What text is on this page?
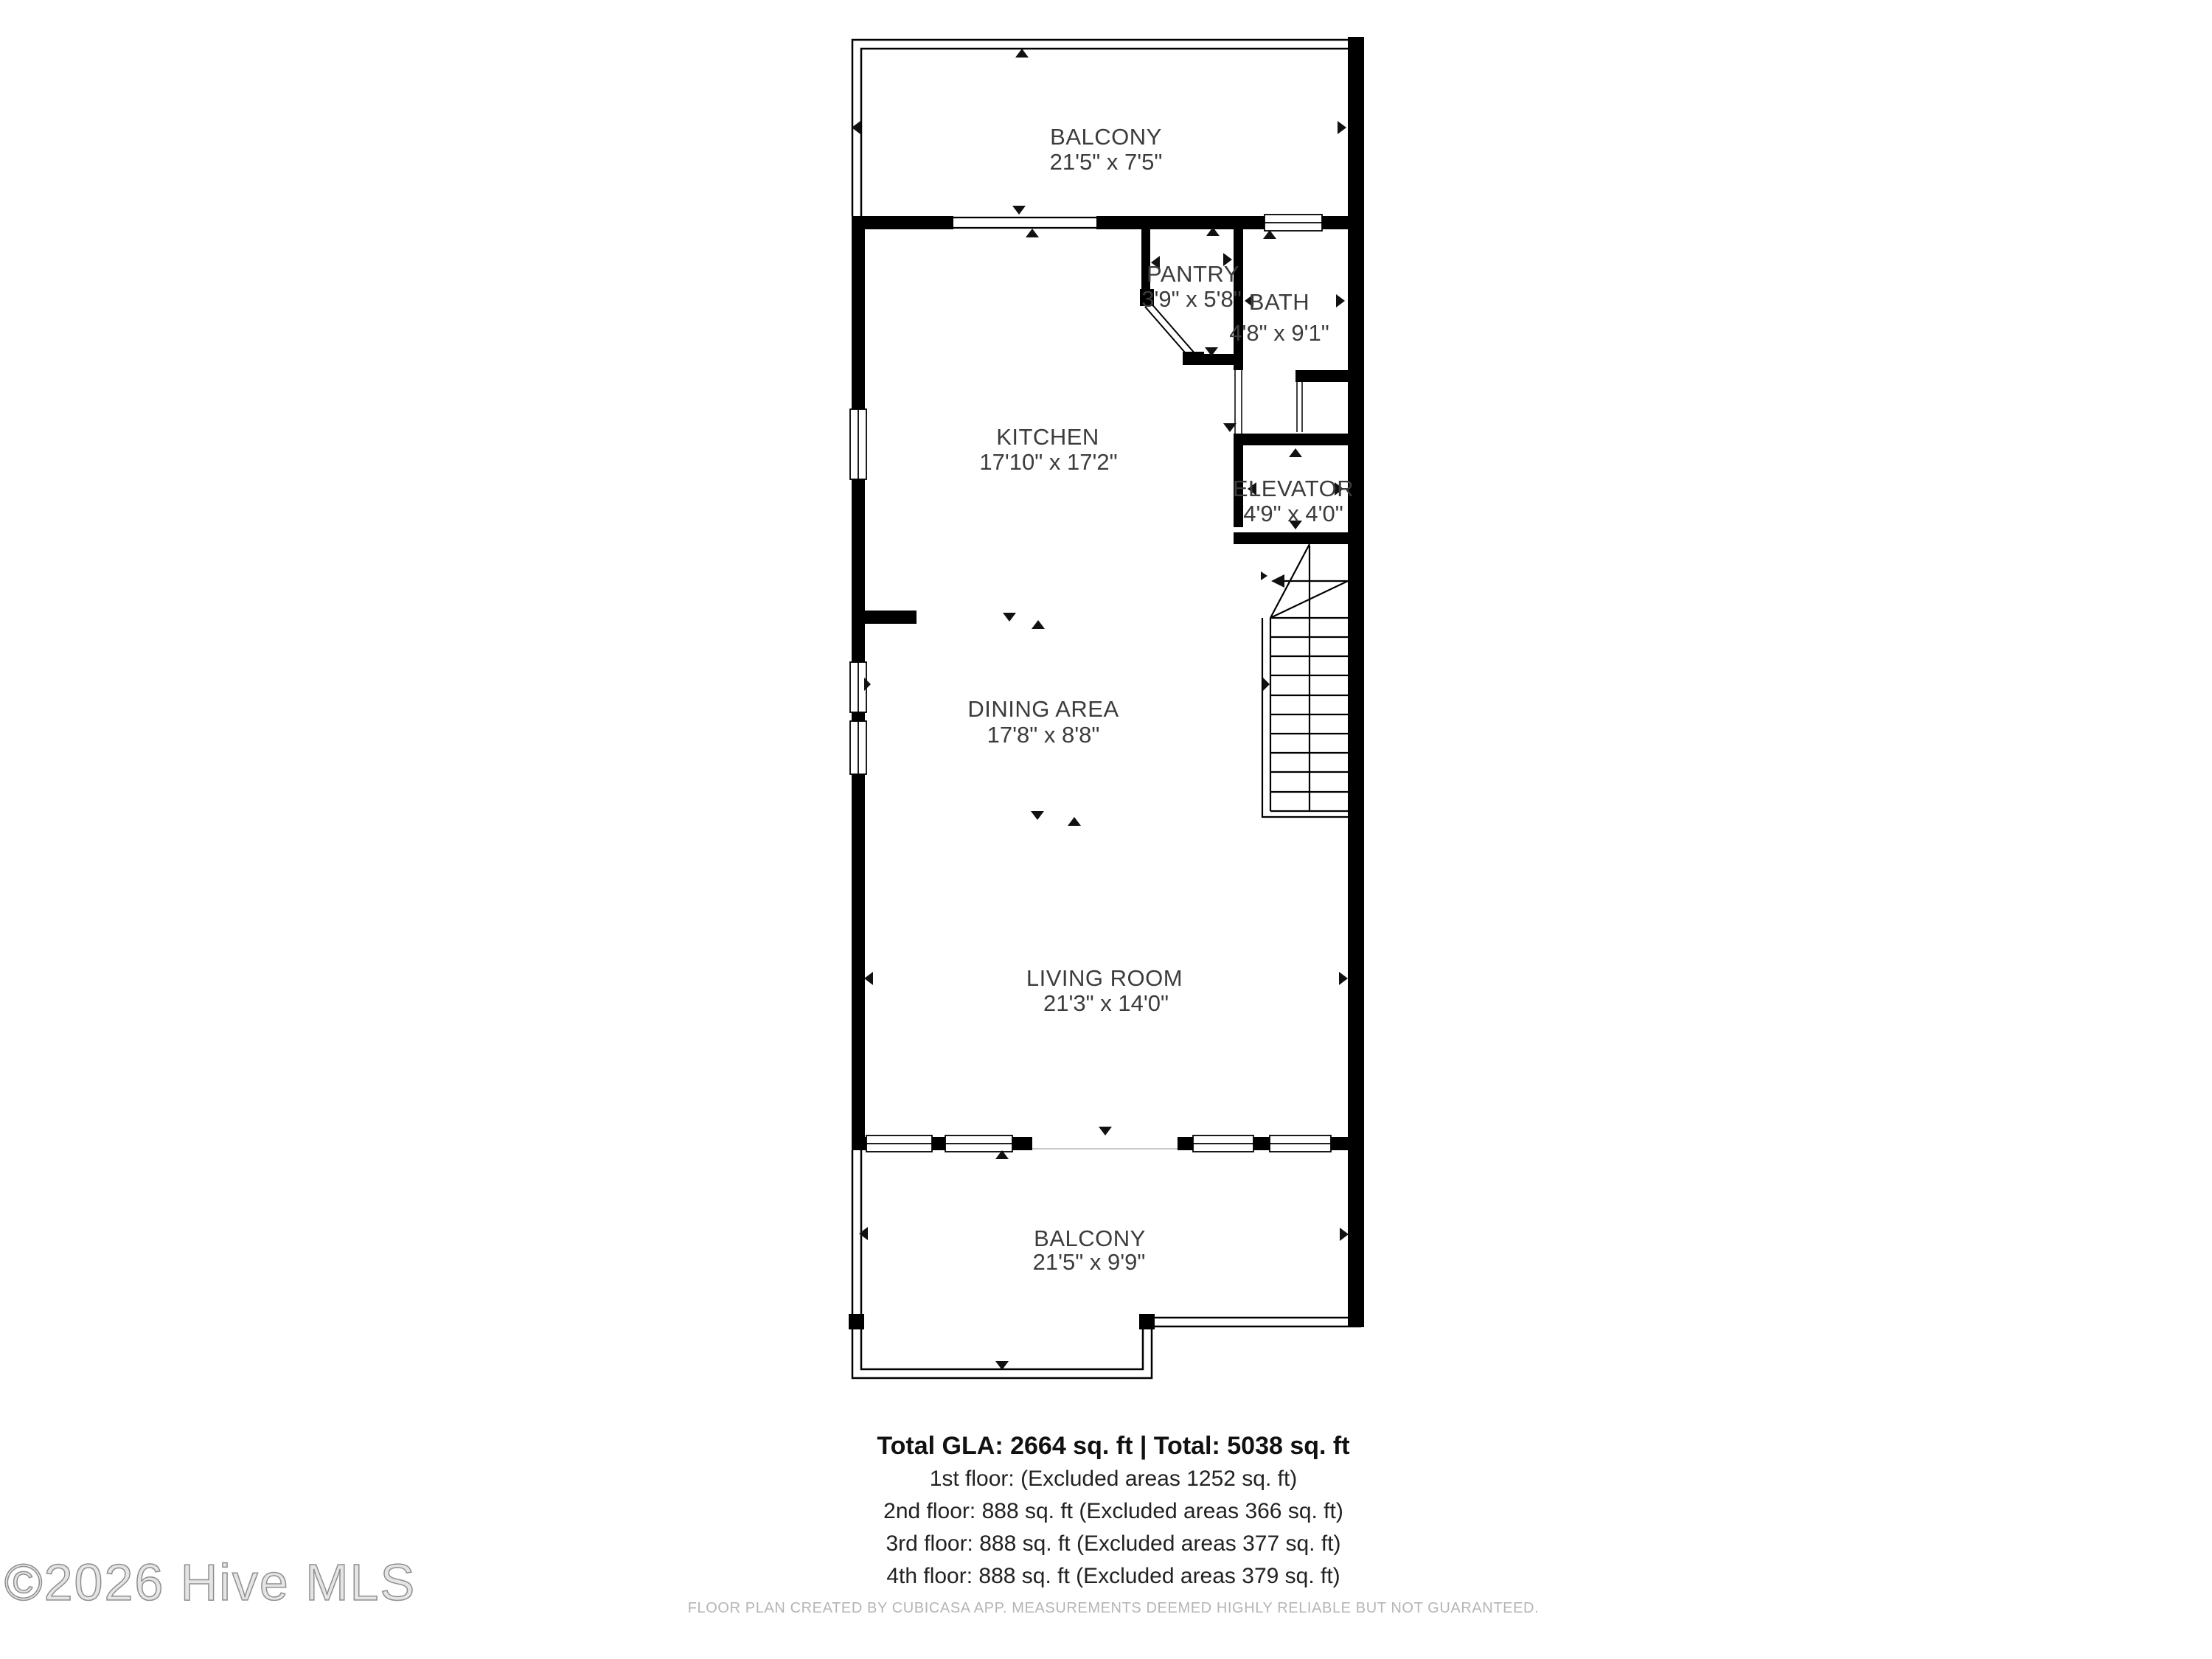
BALCONY
21'5" x 7'5"
PANTRY
3'9" x 5'8" BATH
4'8" x 9'1"
KITCHEN
17'10" x 17'2"
ELEVATOR
4'9" x 4'0"
DINING AREA
17'8" x 8'8"
LIVING ROOM
21'3" x 14'0"
BALCONY
21'5" x 9'9"
Total GLA: 2664 sq. ft | Total: 5038 sq. ft
1st floor: (Excluded areas 1252 sq. ft)
2nd floor: 888 sq. ft (Excluded areas 366 sq. ft)
3rd floor: 888 sq. ft (Excluded areas 377 sq. ft)
4th floor: 888 sq. ft (Excluded areas 379 sq. ft)
©2026 Hive MLS	FLOOR PLAN CREATED BY CUBICASA APP. MEASUREMENTS DEEMED HIGHLY RELIABLE BUT NOT GUARANTEED.
